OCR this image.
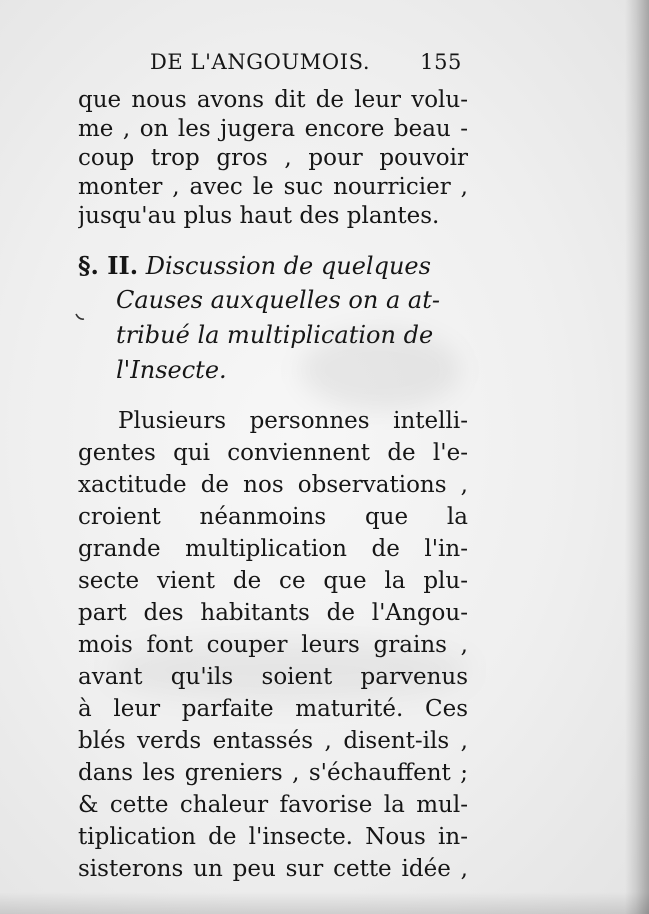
DE L'ANGOUMOIS. 155
que nous avons dit de leur volu-
me , on les jugera encore beau -
coup trop gros , pour pouvoir
monter , avec le suc nourricier ,
jusqu'au plus haut des plantes.
§. II. Discussion de quelques
Causes auxquelles on a at-
tribué la multiplication de
l'Insecte.
Plusieurs personnes intelli-
gentes qui conviennent de l'e-
xactitude de nos observations ,
croient néanmoins que la
grande multiplication de l'in-
secte vient de ce que la plu-
part des habitants de l'Angou-
mois font couper leurs grains ,
avant qu'ils soient parvenus
à leur parfaite maturité. Ces
blés verds entassés , disent-ils ,
dans les greniers , s'échauffent ;
& cette chaleur favorise la mul-
tiplication de l'insecte. Nous in-
sisterons un peu sur cette idée ,
